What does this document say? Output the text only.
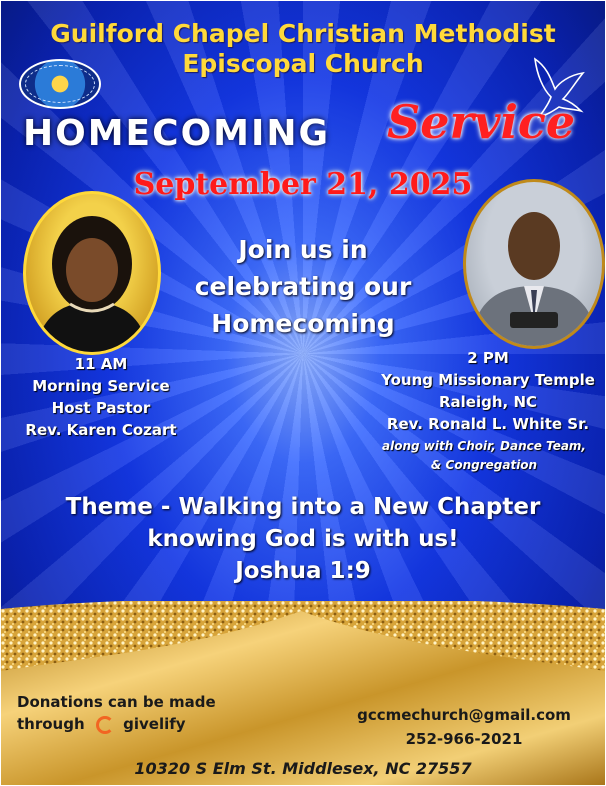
Guilford Chapel Christian Methodist
Episcopal Church
HOMECOMING Service
September 21, 2025
Join us in
celebrating our
Homecoming
11 AM
Morning Service
Host Pastor
Rev. Karen Cozart
2 PM
Young Missionary Temple
Raleigh, NC
Rev. Ronald L. White Sr.
along with Choir, Dance Team,
& Congregation
Theme - Walking into a New Chapter
knowing God is with us!
Joshua 1:9
Donations can be made
through	givelify	gccmechurch@gmail.com
252-966-2021
10320 S Elm St. Middlesex, NC 27557
